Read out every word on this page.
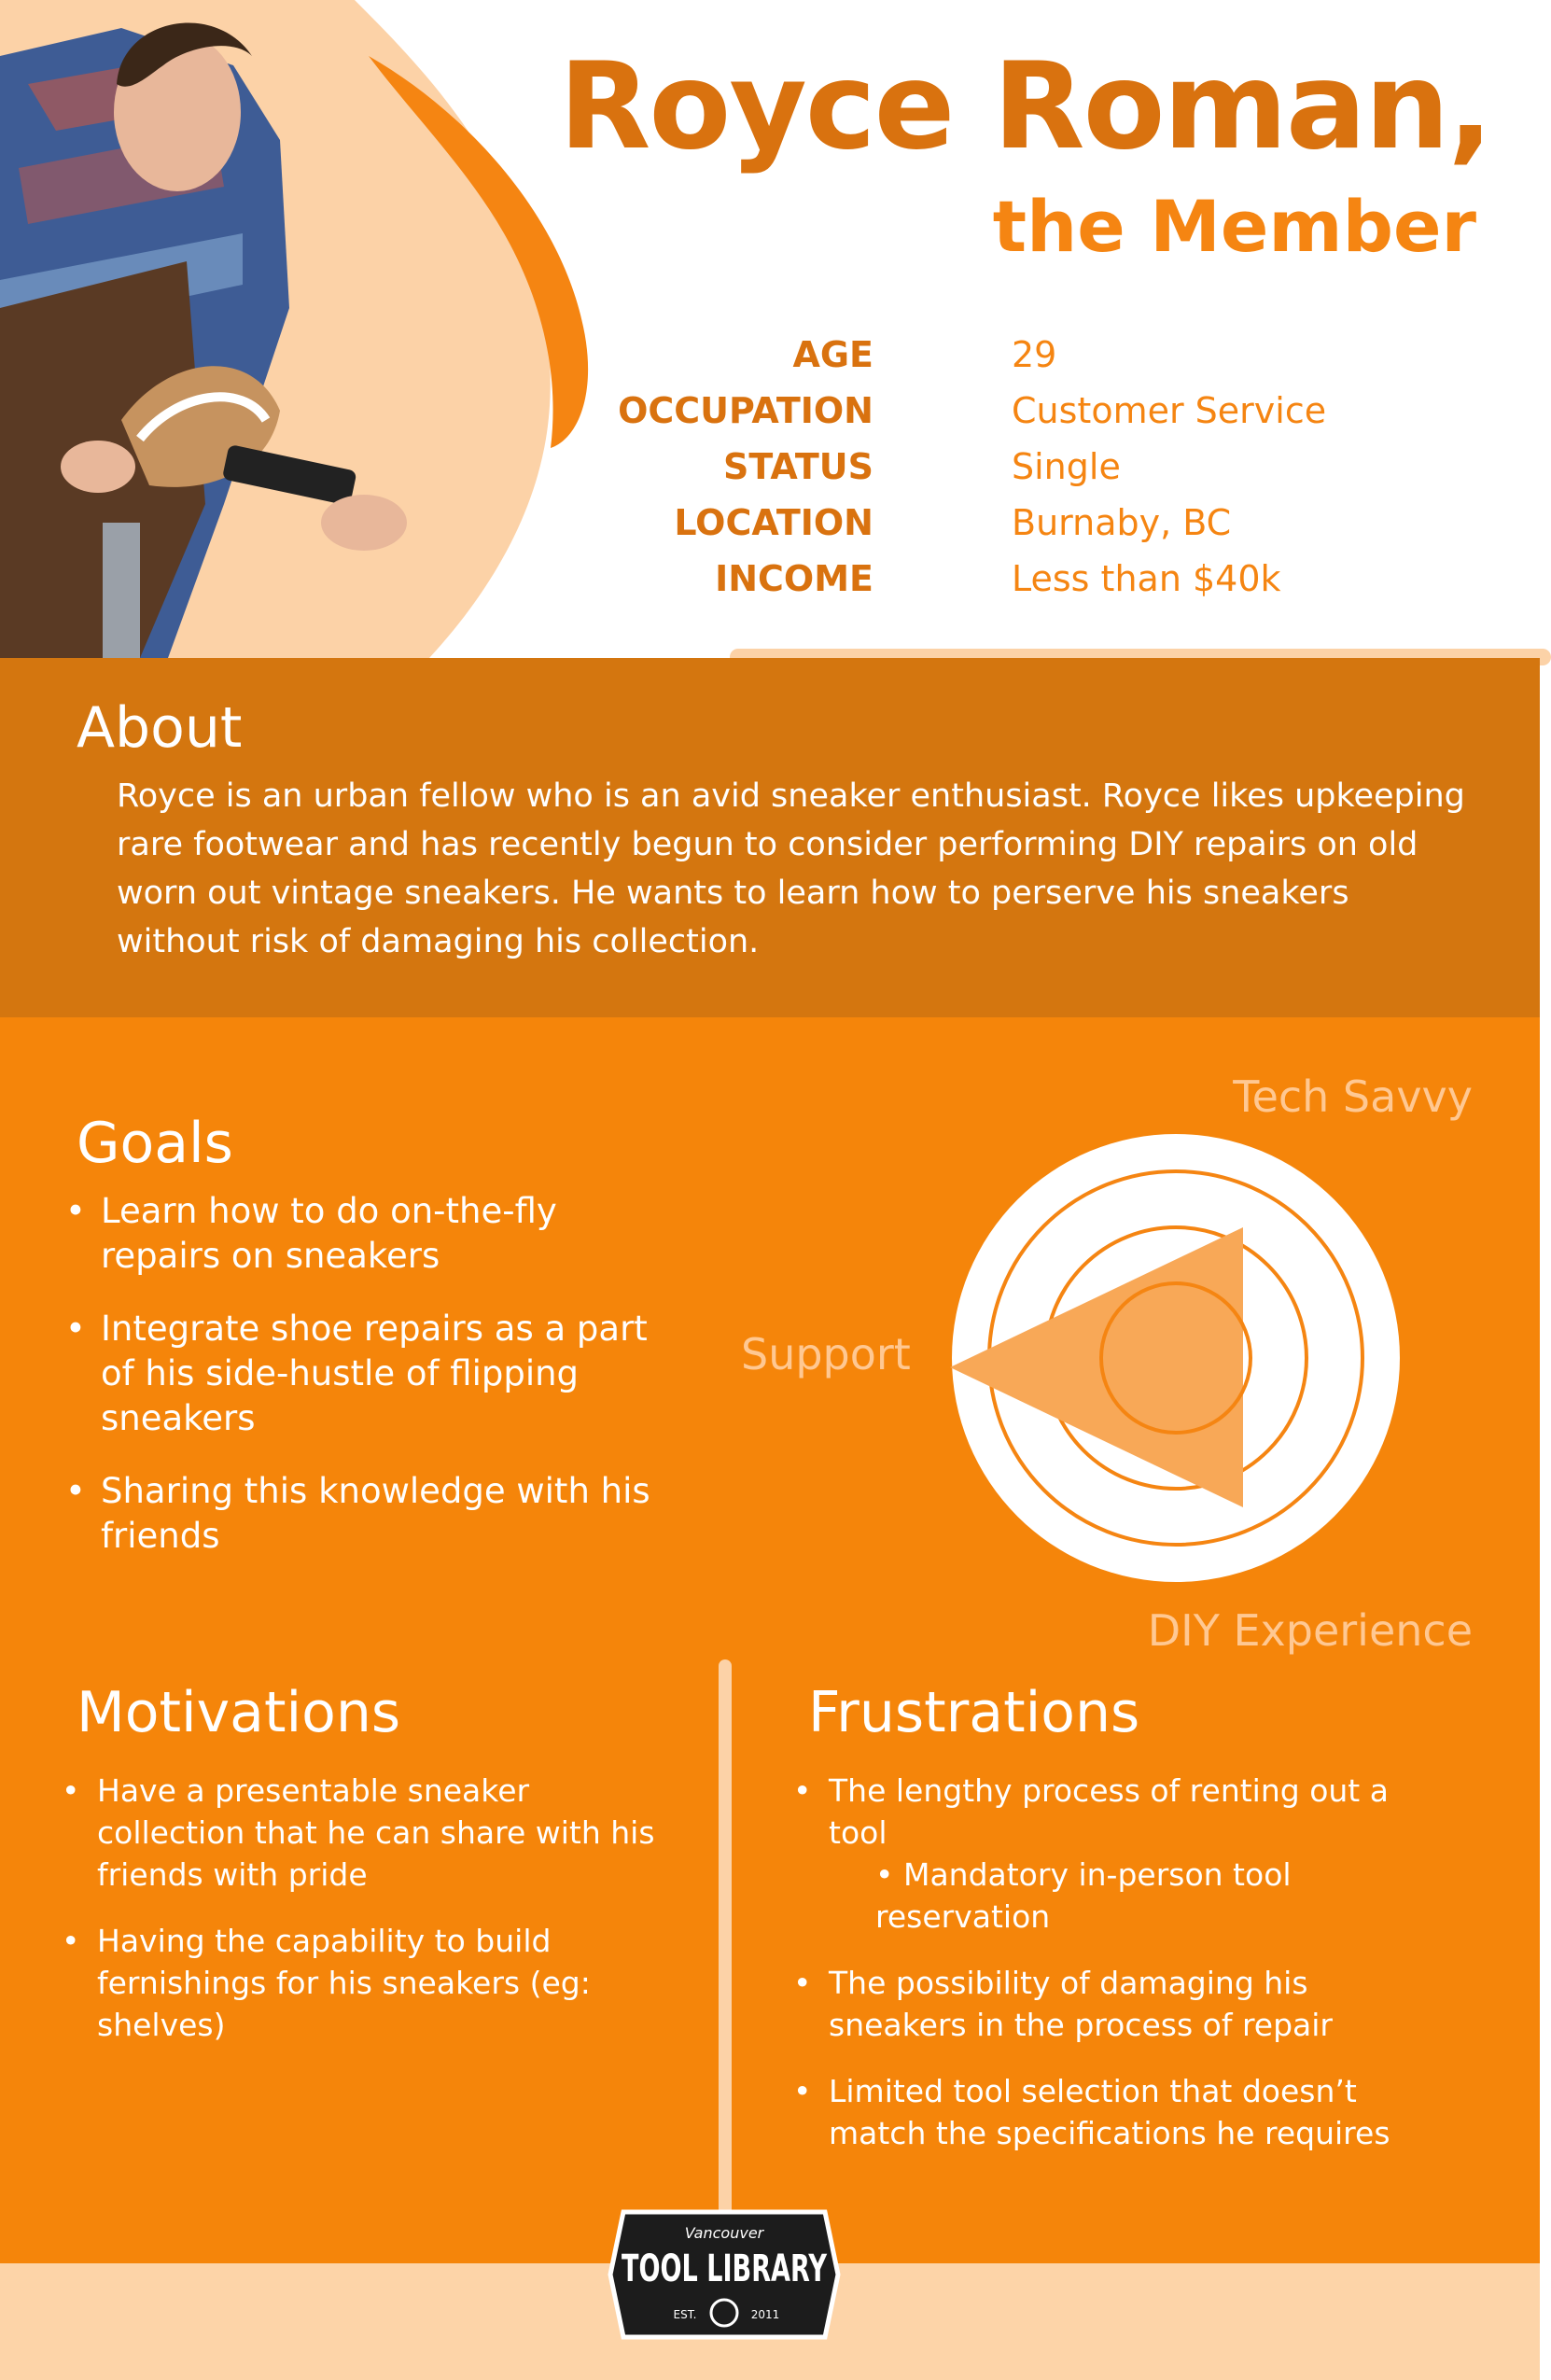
Royce Roman,
the Member
AGE	29
OCCUPATION	Customer Service
STATUS	Single
LOCATION	Burnaby, BC
INCOME	Less than $40k
About

Royce is an urban fellow who is an avid sneaker enthusiast. Royce likes upkeeping rare footwear and has recently begun to consider performing DIY repairs on old worn out vintage sneakers. He wants to learn how to perserve his sneakers without risk of damaging his collection.

Goals
• Learn how to do on-the-fly repairs on sneakers
• Integrate shoe repairs as a part of his side-hustle of flipping sneakers
• Sharing this knowledge with his friends
Tech Savvy
Support
DIY Experience
Motivations
• Have a presentable sneaker collection that he can share with his friends with pride
• Having the capability to build fernishings for his sneakers (eg: shelves)
Frustrations
• The lengthy process of renting out a tool
• Mandatory in-person tool reservation
• The possibility of damaging his sneakers in the process of repair
• Limited tool selection that doesn’t match the specifications he requires
Vancouver
TOOL LIBRARY
EST.	2011
